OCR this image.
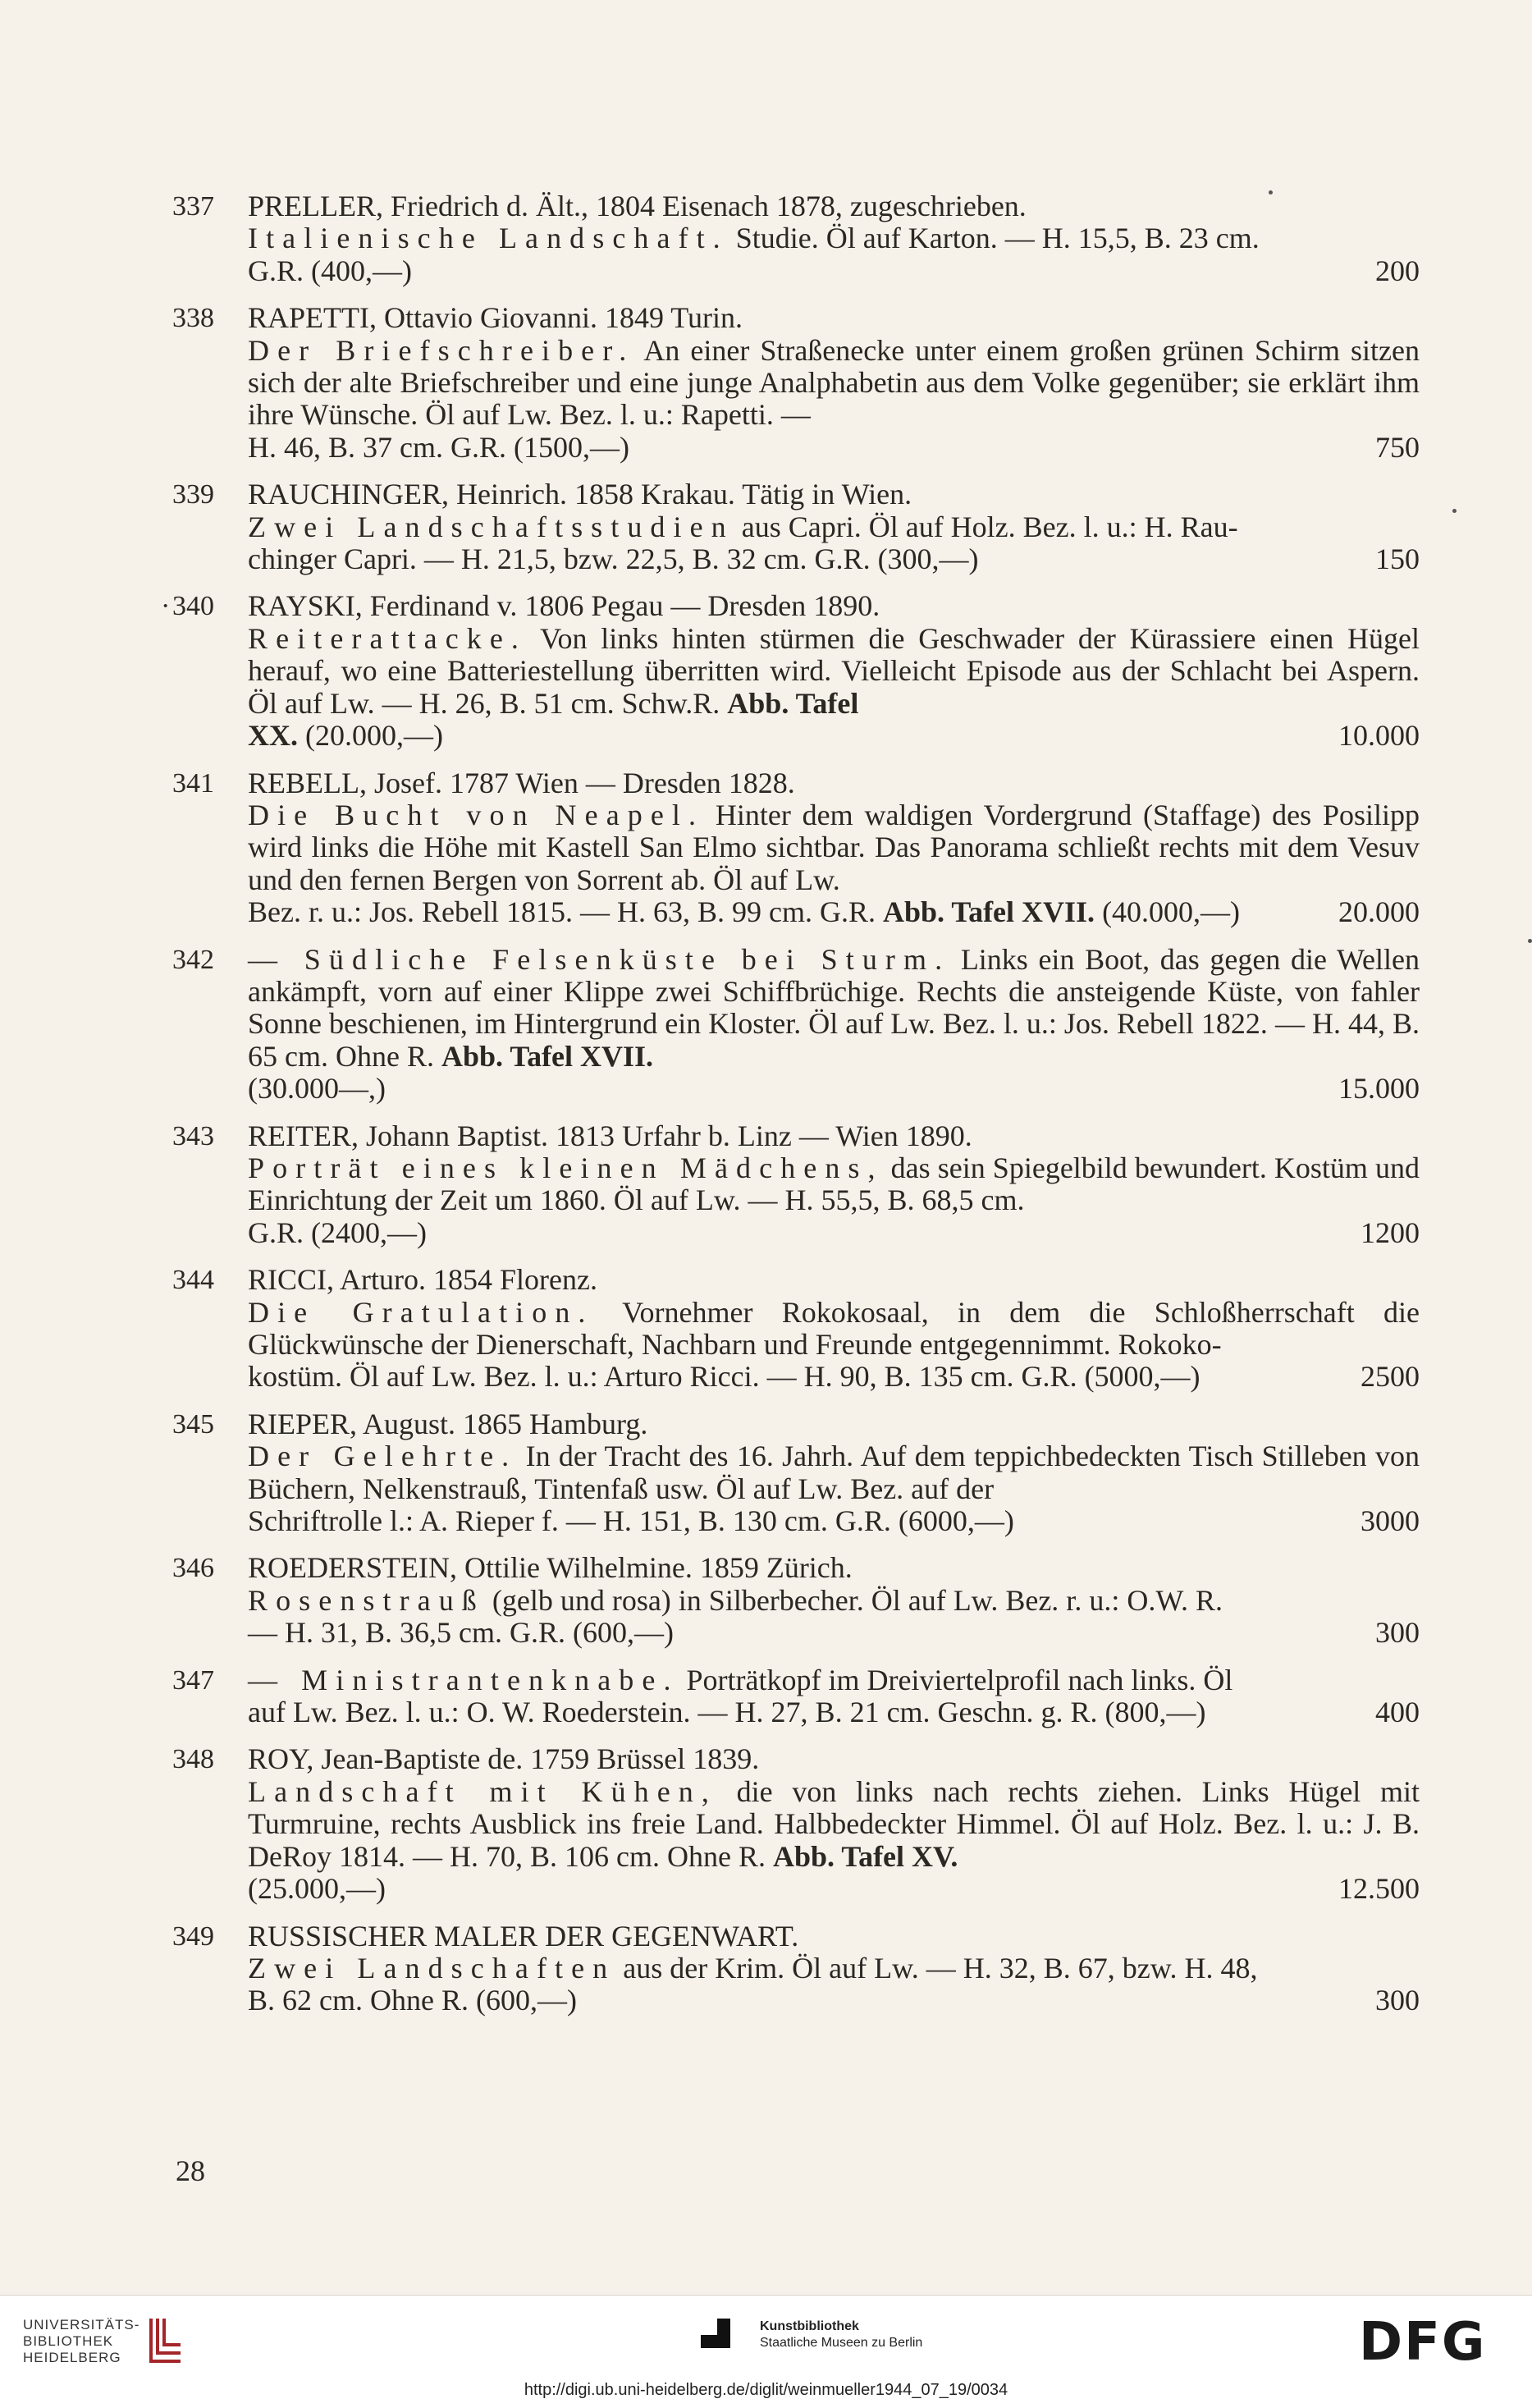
337	PRELLER, Friedrich d. Ält., 1804 Eisenach 1878, zugeschrieben.
Italienische Landschaft. Studie. Öl auf Karton. — H. 15,5, B. 23 cm.
G.R. (400,—)	200
338	RAPETTI, Ottavio Giovanni. 1849 Turin.
Der Briefschreiber. An einer Straßenecke unter einem großen grünen Schirm sitzen sich der alte Briefschreiber und eine junge Analphabetin aus dem Volke gegenüber; sie erklärt ihm ihre Wünsche. Öl auf Lw. Bez. l. u.: Rapetti. —
H. 46, B. 37 cm. G.R. (1500,—)	750
339	RAUCHINGER, Heinrich. 1858 Krakau. Tätig in Wien.
Zwei Landschaftsstudien aus Capri. Öl auf Holz. Bez. l. u.: H. Rau-
chinger Capri. — H. 21,5, bzw. 22,5, B. 32 cm. G.R. (300,—)	150
· 340	RAYSKI, Ferdinand v. 1806 Pegau — Dresden 1890.
Reiterattacke. Von links hinten stürmen die Geschwader der Kürassiere einen Hügel herauf, wo eine Batteriestellung überritten wird. Vielleicht Episode aus der Schlacht bei Aspern. Öl auf Lw. — H. 26, B. 51 cm. Schw.R. Abb. Tafel
XX. (20.000,—)	10.000
341	REBELL, Josef. 1787 Wien — Dresden 1828.
Die Bucht von Neapel. Hinter dem waldigen Vordergrund (Staffage) des Posilipp wird links die Höhe mit Kastell San Elmo sichtbar. Das Panorama schließt rechts mit dem Vesuv und den fernen Bergen von Sorrent ab. Öl auf Lw.
Bez. r. u.: Jos. Rebell 1815. — H. 63, B. 99 cm. G.R. Abb. Tafel XVII. (40.000,—)	20.000
342	— Südliche Felsenküste bei Sturm. Links ein Boot, das gegen die Wellen ankämpft, vorn auf einer Klippe zwei Schiffbrüchige. Rechts die ansteigende Küste, von fahler Sonne beschienen, im Hintergrund ein Kloster. Öl auf Lw. Bez. l. u.: Jos. Rebell 1822. — H. 44, B. 65 cm. Ohne R. Abb. Tafel XVII.
(30.000—,)	15.000
343	REITER, Johann Baptist. 1813 Urfahr b. Linz — Wien 1890.
Porträt eines kleinen Mädchens, das sein Spiegelbild bewundert. Kostüm und Einrichtung der Zeit um 1860. Öl auf Lw. — H. 55,5, B. 68,5 cm.
G.R. (2400,—)	1200
344	RICCI, Arturo. 1854 Florenz.
Die Gratulation. Vornehmer Rokokosaal, in dem die Schloßherrschaft die Glückwünsche der Dienerschaft, Nachbarn und Freunde entgegennimmt. Rokoko-
kostüm. Öl auf Lw. Bez. l. u.: Arturo Ricci. — H. 90, B. 135 cm. G.R. (5000,—)	2500
345	RIEPER, August. 1865 Hamburg.
Der Gelehrte. In der Tracht des 16. Jahrh. Auf dem teppichbedeckten Tisch Stilleben von Büchern, Nelkenstrauß, Tintenfaß usw. Öl auf Lw. Bez. auf der
Schriftrolle l.: A. Rieper f. — H. 151, B. 130 cm. G.R. (6000,—)	3000
346	ROEDERSTEIN, Ottilie Wilhelmine. 1859 Zürich.
Rosenstrauß (gelb und rosa) in Silberbecher. Öl auf Lw. Bez. r. u.: O.W. R.
— H. 31, B. 36,5 cm. G.R. (600,—)	300
347	— Ministrantenknabe. Porträtkopf im Dreiviertelprofil nach links. Öl
auf Lw. Bez. l. u.: O. W. Roederstein. — H. 27, B. 21 cm. Geschn. g. R. (800,—)	400
348	ROY, Jean-Baptiste de. 1759 Brüssel 1839.
Landschaft mit Kühen, die von links nach rechts ziehen. Links Hügel mit Turmruine, rechts Ausblick ins freie Land. Halbbedeckter Himmel. Öl auf Holz. Bez. l. u.: J. B. DeRoy 1814. — H. 70, B. 106 cm. Ohne R. Abb. Tafel XV.
(25.000,—)	12.500
349	RUSSISCHER MALER DER GEGENWART.
Zwei Landschaften aus der Krim. Öl auf Lw. — H. 32, B. 67, bzw. H. 48,
B. 62 cm. Ohne R. (600,—)	300
28
UNIVERSITÄTS-
BIBLIOTHEK
HEIDELBERG
Kunstbibliothek
Staatliche Museen zu Berlin	DFG
http://digi.ub.uni-heidelberg.de/diglit/weinmueller1944_07_19/0034
